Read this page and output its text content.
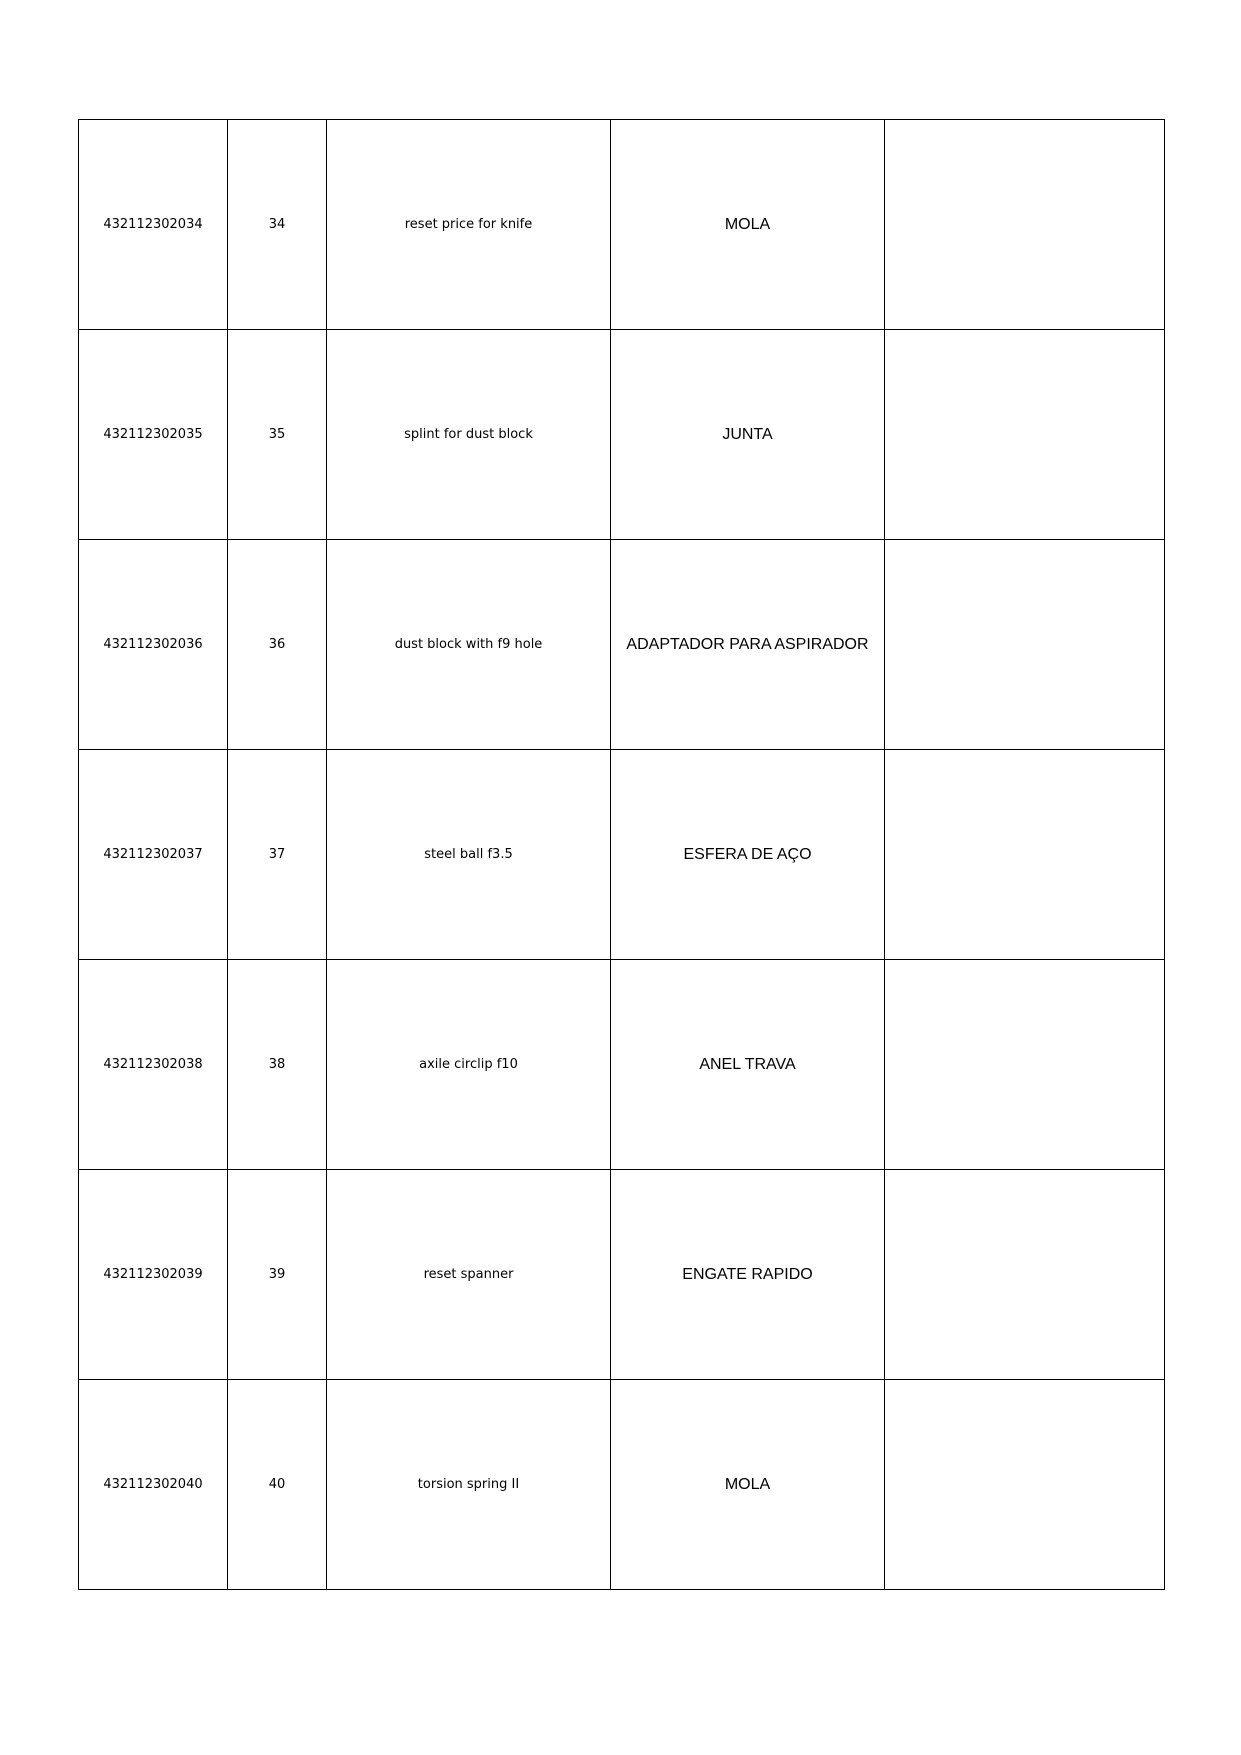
432112302034	34	reset price for knife	MOLA	
432112302035	35	splint for dust block	JUNTA	
432112302036	36	dust block with f9 hole	ADAPTADOR PARA ASPIRADOR	
432112302037	37	steel ball f3.5	ESFERA DE AÇO	
432112302038	38	axile circlip f10	ANEL TRAVA	
432112302039	39	reset spanner	ENGATE RAPIDO	
432112302040	40	torsion spring II	MOLA	
